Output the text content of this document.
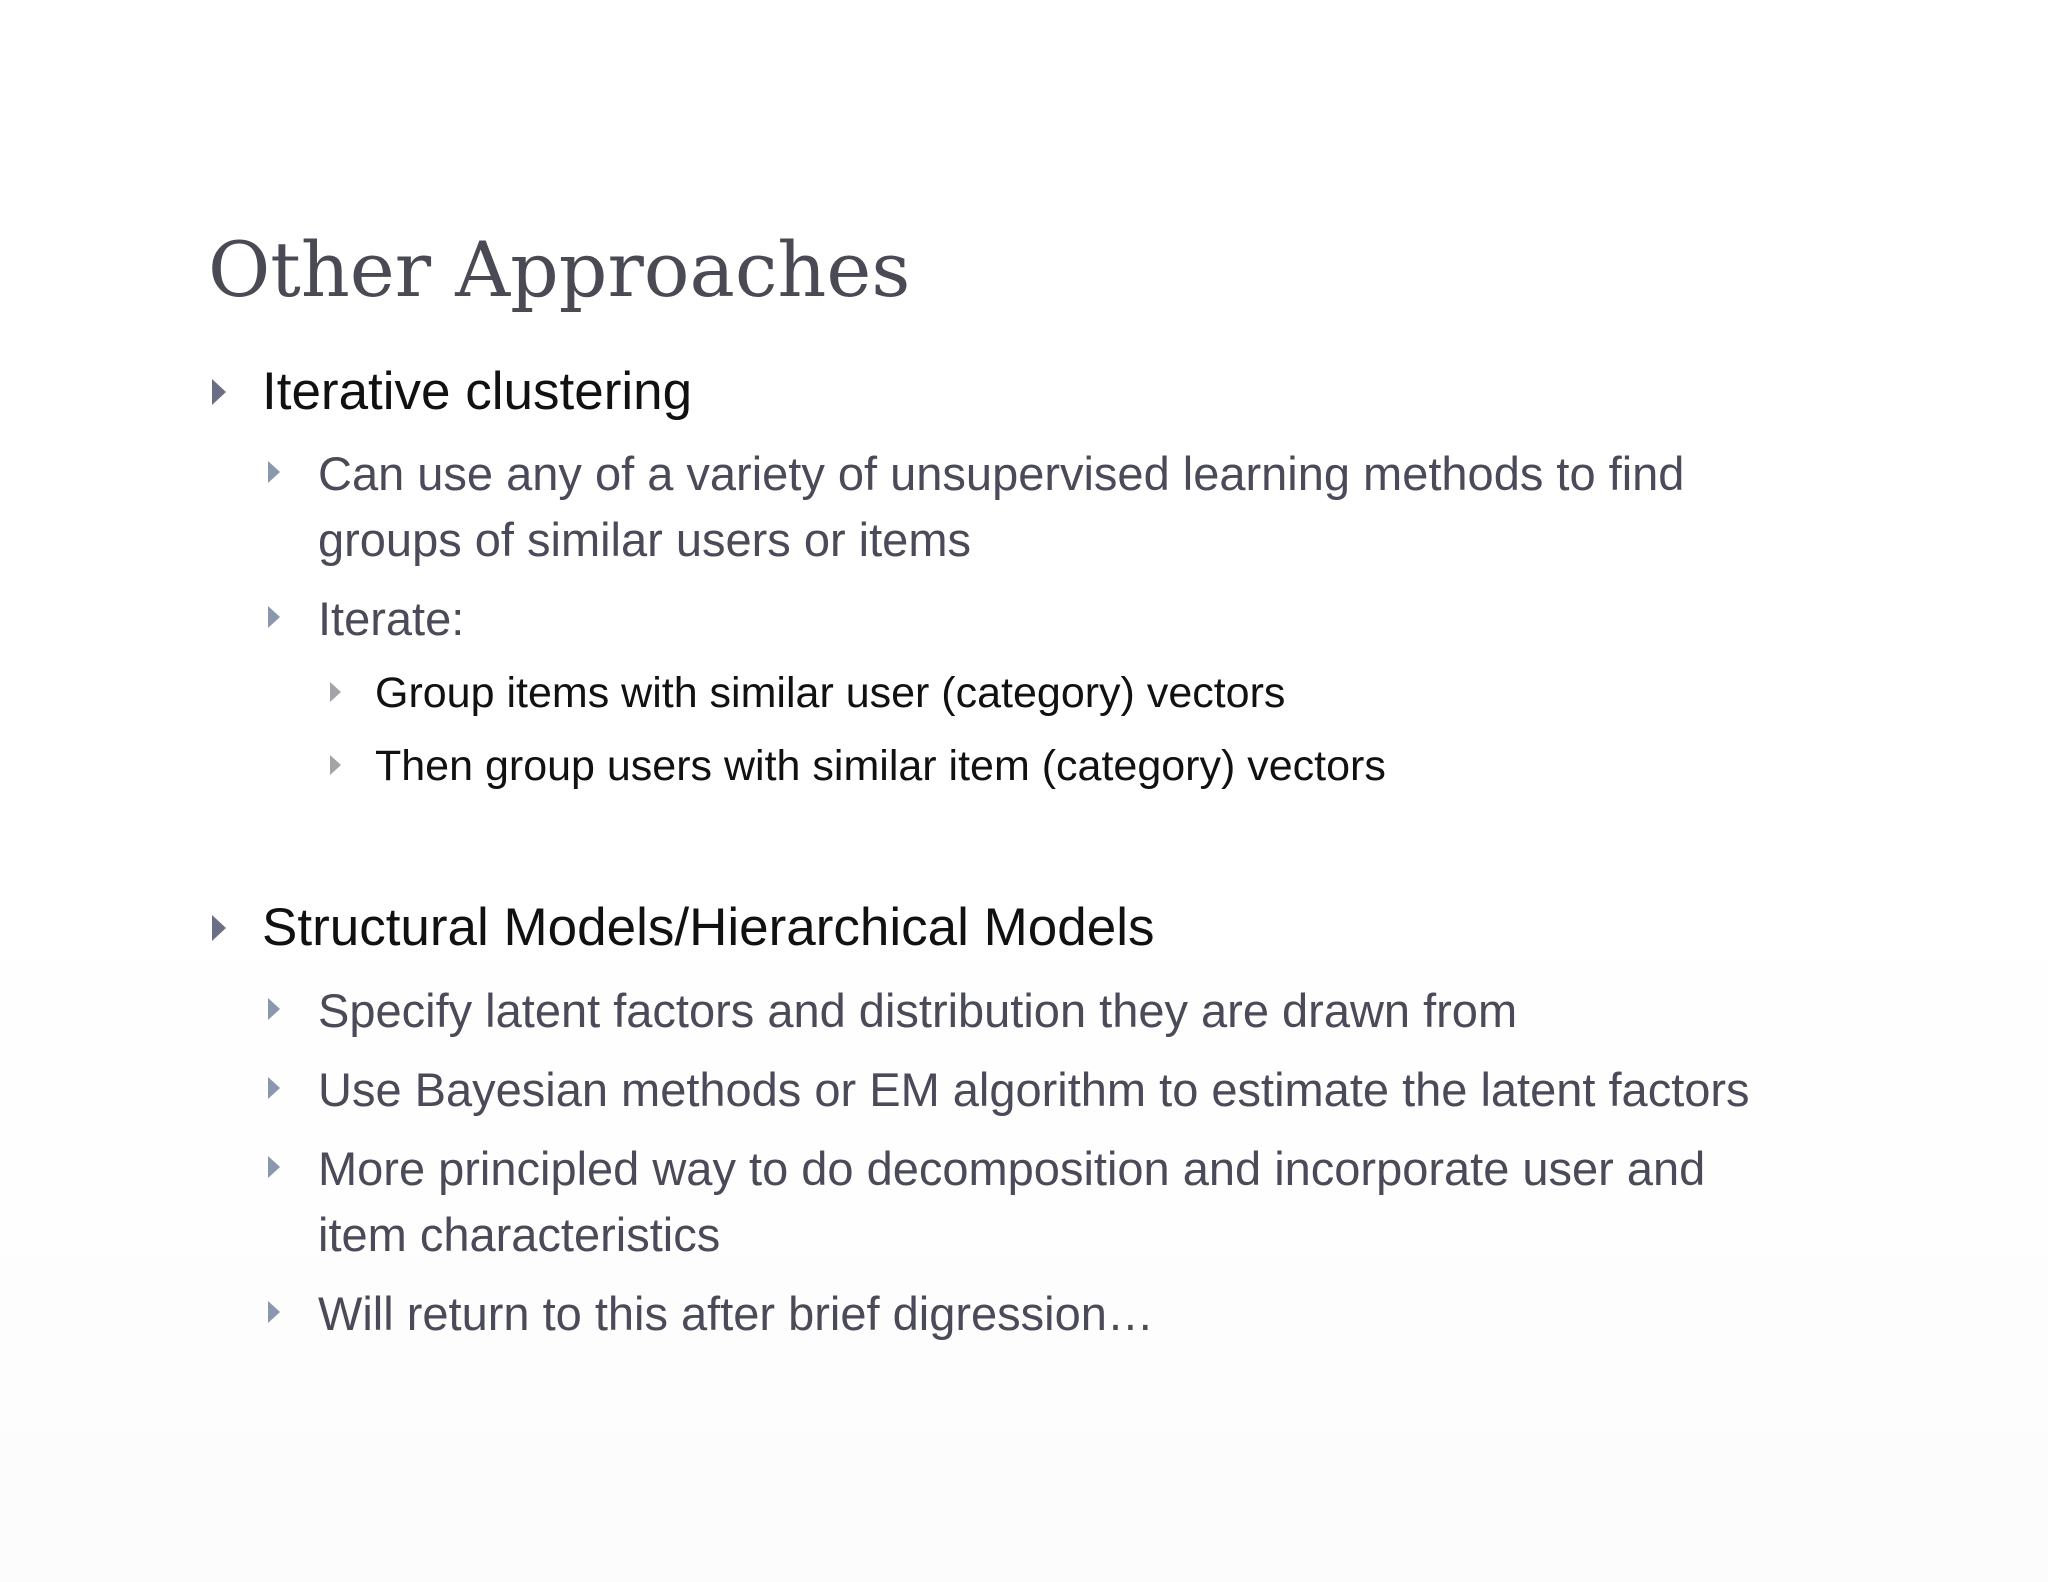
Other Approaches
Iterative clustering
Can use any of a variety of unsupervised learning methods to find
groups of similar users or items
Iterate:
Group items with similar user (category) vectors
Then group users with similar item (category) vectors
Structural Models/Hierarchical Models
Specify latent factors and distribution they are drawn from
Use Bayesian methods or EM algorithm to estimate the latent factors
More principled way to do decomposition and incorporate user and
item characteristics
Will return to this after brief digression…
